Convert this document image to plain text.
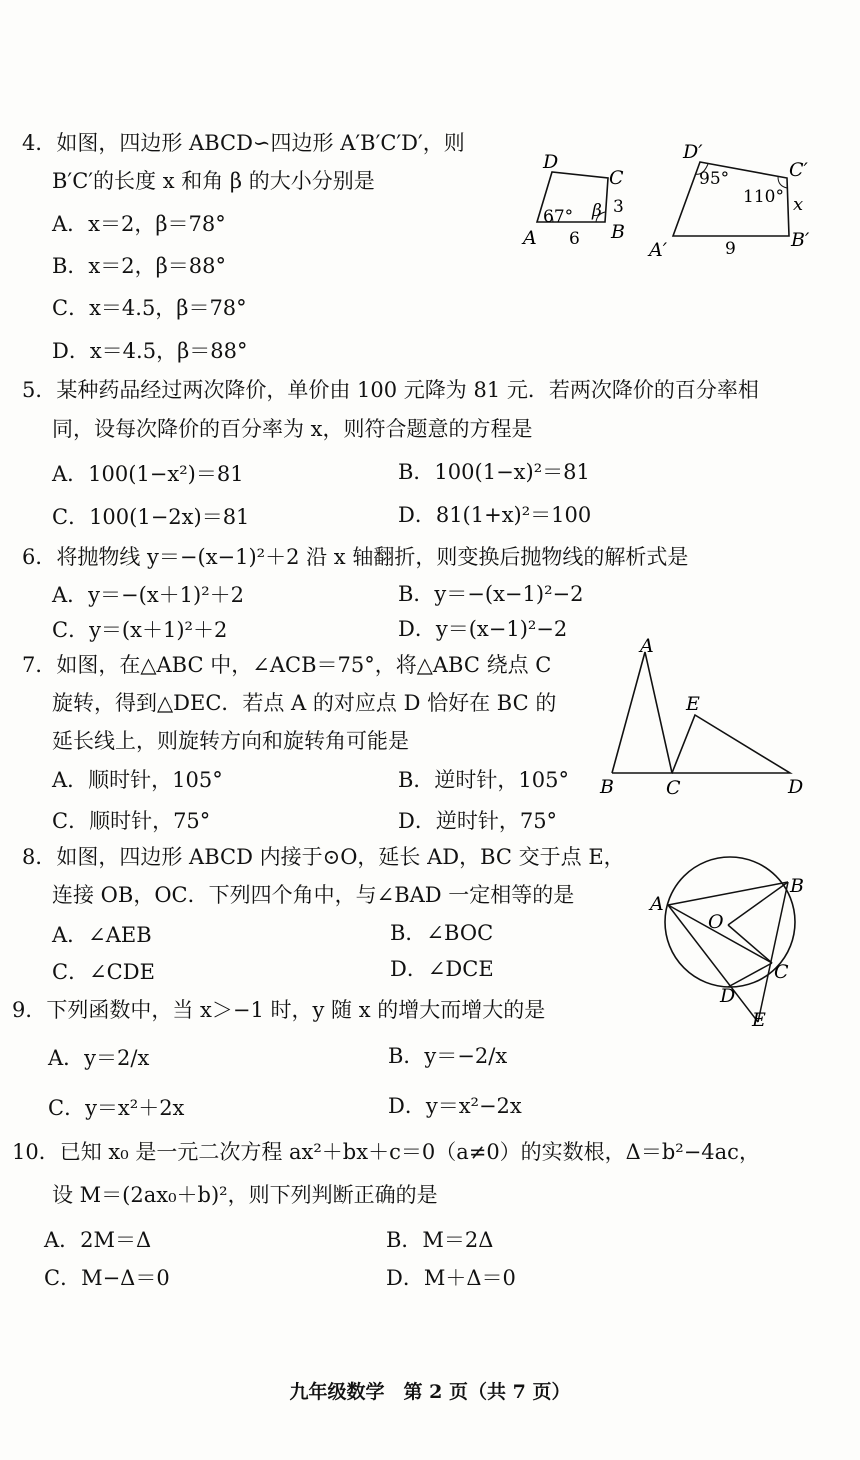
4．如图，四边形 ABCD∽四边形 A′B′C′D′，则
B′C′的长度 x 和角 β 的大小分别是
A．x＝2，β＝78°
B．x＝2，β＝88°
C．x＝4.5，β＝78°
D．x＝4.5，β＝88°
D
C
A	B
67° β 3
6
D′
C′
A′	B′
95°
110° x
9
5．某种药品经过两次降价，单价由 100 元降为 81 元．若两次降价的百分率相
同，设每次降价的百分率为 x，则符合题意的方程是
A．100(1−x²)＝81	B．100(1−x)²＝81
C．100(1−2x)＝81	D．81(1+x)²＝100
6．将抛物线 y＝−(x−1)²＋2 沿 x 轴翻折，则变换后抛物线的解析式是
A．y＝−(x＋1)²＋2	B．y＝−(x−1)²−2
C．y＝(x＋1)²＋2	D．y＝(x−1)²−2
7．如图，在△ABC 中，∠ACB＝75°，将△ABC 绕点 C
旋转，得到△DEC．若点 A 的对应点 D 恰好在 BC 的
延长线上，则旋转方向和旋转角可能是
A．顺时针，105°	B．逆时针，105°
C．顺时针，75°	D．逆时针，75°
A
E
B	C	D
8．如图，四边形 ABCD 内接于⊙O，延长 AD，BC 交于点 E，
连接 OB，OC．下列四个角中，与∠BAD 一定相等的是
A．∠AEB	B．∠BOC
C．∠CDE	D．∠DCE
A
B
O
C
D
E
9．下列函数中，当 x＞−1 时，y 随 x 的增大而增大的是
A．y＝2/x	B．y＝−2/x
C．y＝x²＋2x	D．y＝x²−2x
10．已知 x₀ 是一元二次方程 ax²＋bx＋c＝0（a≠0）的实数根，Δ＝b²−4ac，
设 M＝(2ax₀＋b)²，则下列判断正确的是
A．2M＝Δ	B．M＝2Δ
C．M−Δ＝0	D．M＋Δ＝0
九年级数学　第 2 页（共 7 页）
